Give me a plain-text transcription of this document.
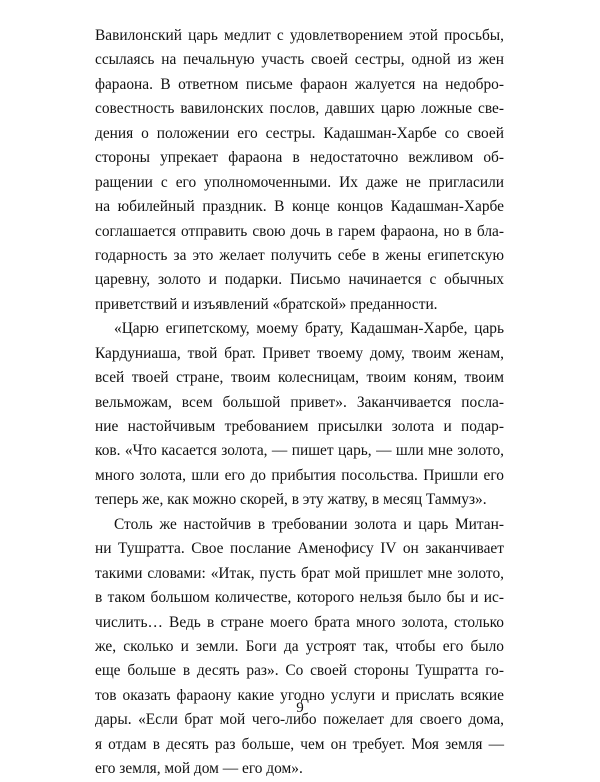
Вавилонский царь медлит с удовлетворением этой просьбы,
ссылаясь на печальную участь своей сестры, одной из жен
фараона. В ответном письме фараон жалуется на недобро-
совестность вавилонских послов, давших царю ложные све-
дения о положении его сестры. Кадашман-Харбе со своей
стороны упрекает фараона в недостаточно вежливом об-
ращении с его уполномоченными. Их даже не пригласили
на юбилейный праздник. В конце концов Кадашман-Харбе
соглашается отправить свою дочь в гарем фараона, но в бла-
годарность за это желает получить себе в жены египетскую
царевну, золото и подарки. Письмо начинается с обычных
приветствий и изъявлений «братской» преданности.
«Царю египетскому, моему брату, Кадашман-Харбе, царь
Кардуниаша, твой брат. Привет твоему дому, твоим женам,
всей твоей стране, твоим колесницам, твоим коням, твоим
вельможам, всем большой привет». Заканчивается посла-
ние настойчивым требованием присылки золота и подар-
ков. «Что касается золота, — пишет царь, — шли мне золото,
много золота, шли его до прибытия посольства. Пришли его
теперь же, как можно скорей, в эту жатву, в месяц Таммуз».
Столь же настойчив в требовании золота и царь Митан-
ни Тушратта. Свое послание Аменофису IV он заканчивает
такими словами: «Итак, пусть брат мой пришлет мне золото,
в таком большом количестве, которого нельзя было бы и ис-
числить… Ведь в стране моего брата много золота, столько
же, сколько и земли. Боги да устроят так, чтобы его было
еще больше в десять раз». Со своей стороны Тушратта го-
тов оказать фараону какие угодно услуги и прислать всякие
дары. «Если брат мой чего-либо пожелает для своего дома,
я отдам в десять раз больше, чем он требует. Моя земля —
его земля, мой дом — его дом».
9
